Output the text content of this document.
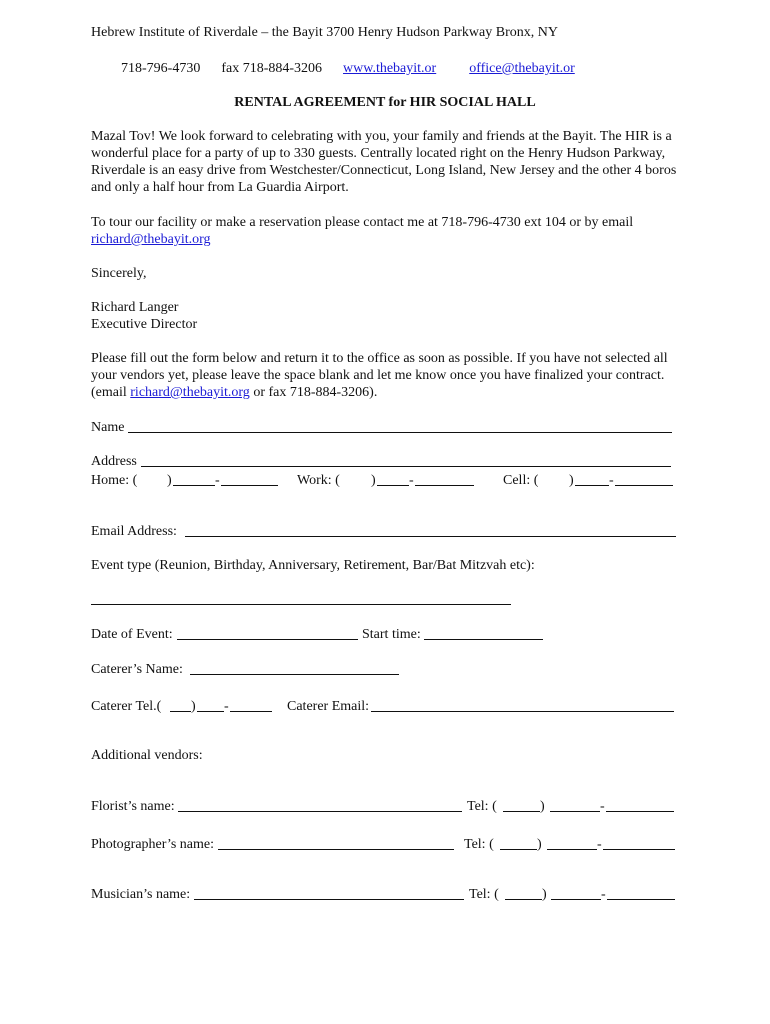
Hebrew Institute of Riverdale – the Bayit 3700 Henry Hudson Parkway Bronx, NY
718-796-4730 fax 718-884-3206 www.thebayit.or office@thebayit.or
RENTAL AGREEMENT for HIR SOCIAL HALL
Mazal Tov! We look forward to celebrating with you, your family and friends at the Bayit. The HIR is a wonderful place for a party of up to 330 guests. Centrally located right on the Henry Hudson Parkway, Riverdale is an easy drive from Westchester/Connecticut, Long Island, New Jersey and the other 4 boros and only a half hour from La Guardia Airport.
To tour our facility or make a reservation please contact me at 718-796-4730 ext 104 or by email richard@thebayit.org
Sincerely,
Richard Langer
Executive Director
Please fill out the form below and return it to the office as soon as possible. If you have not selected all your vendors yet, please leave the space blank and let me know once you have finalized your contract. (email richard@thebayit.org or fax 718-884-3206).
Name
Address
Home: ( )	-	Work: ( ) -	Cell: ( )	-
Email Address:
Event type (Reunion, Birthday, Anniversary, Retirement, Bar/Bat Mitzvah etc):
Date of Event:	Start time:
Caterer’s Name:
Caterer Tel.( ) -	Caterer Email:
Additional vendors:
Florist’s name:	Tel: (	)	-
Photographer’s name:	Tel: (	)	-
Musician’s name:	Tel: (	)	-
